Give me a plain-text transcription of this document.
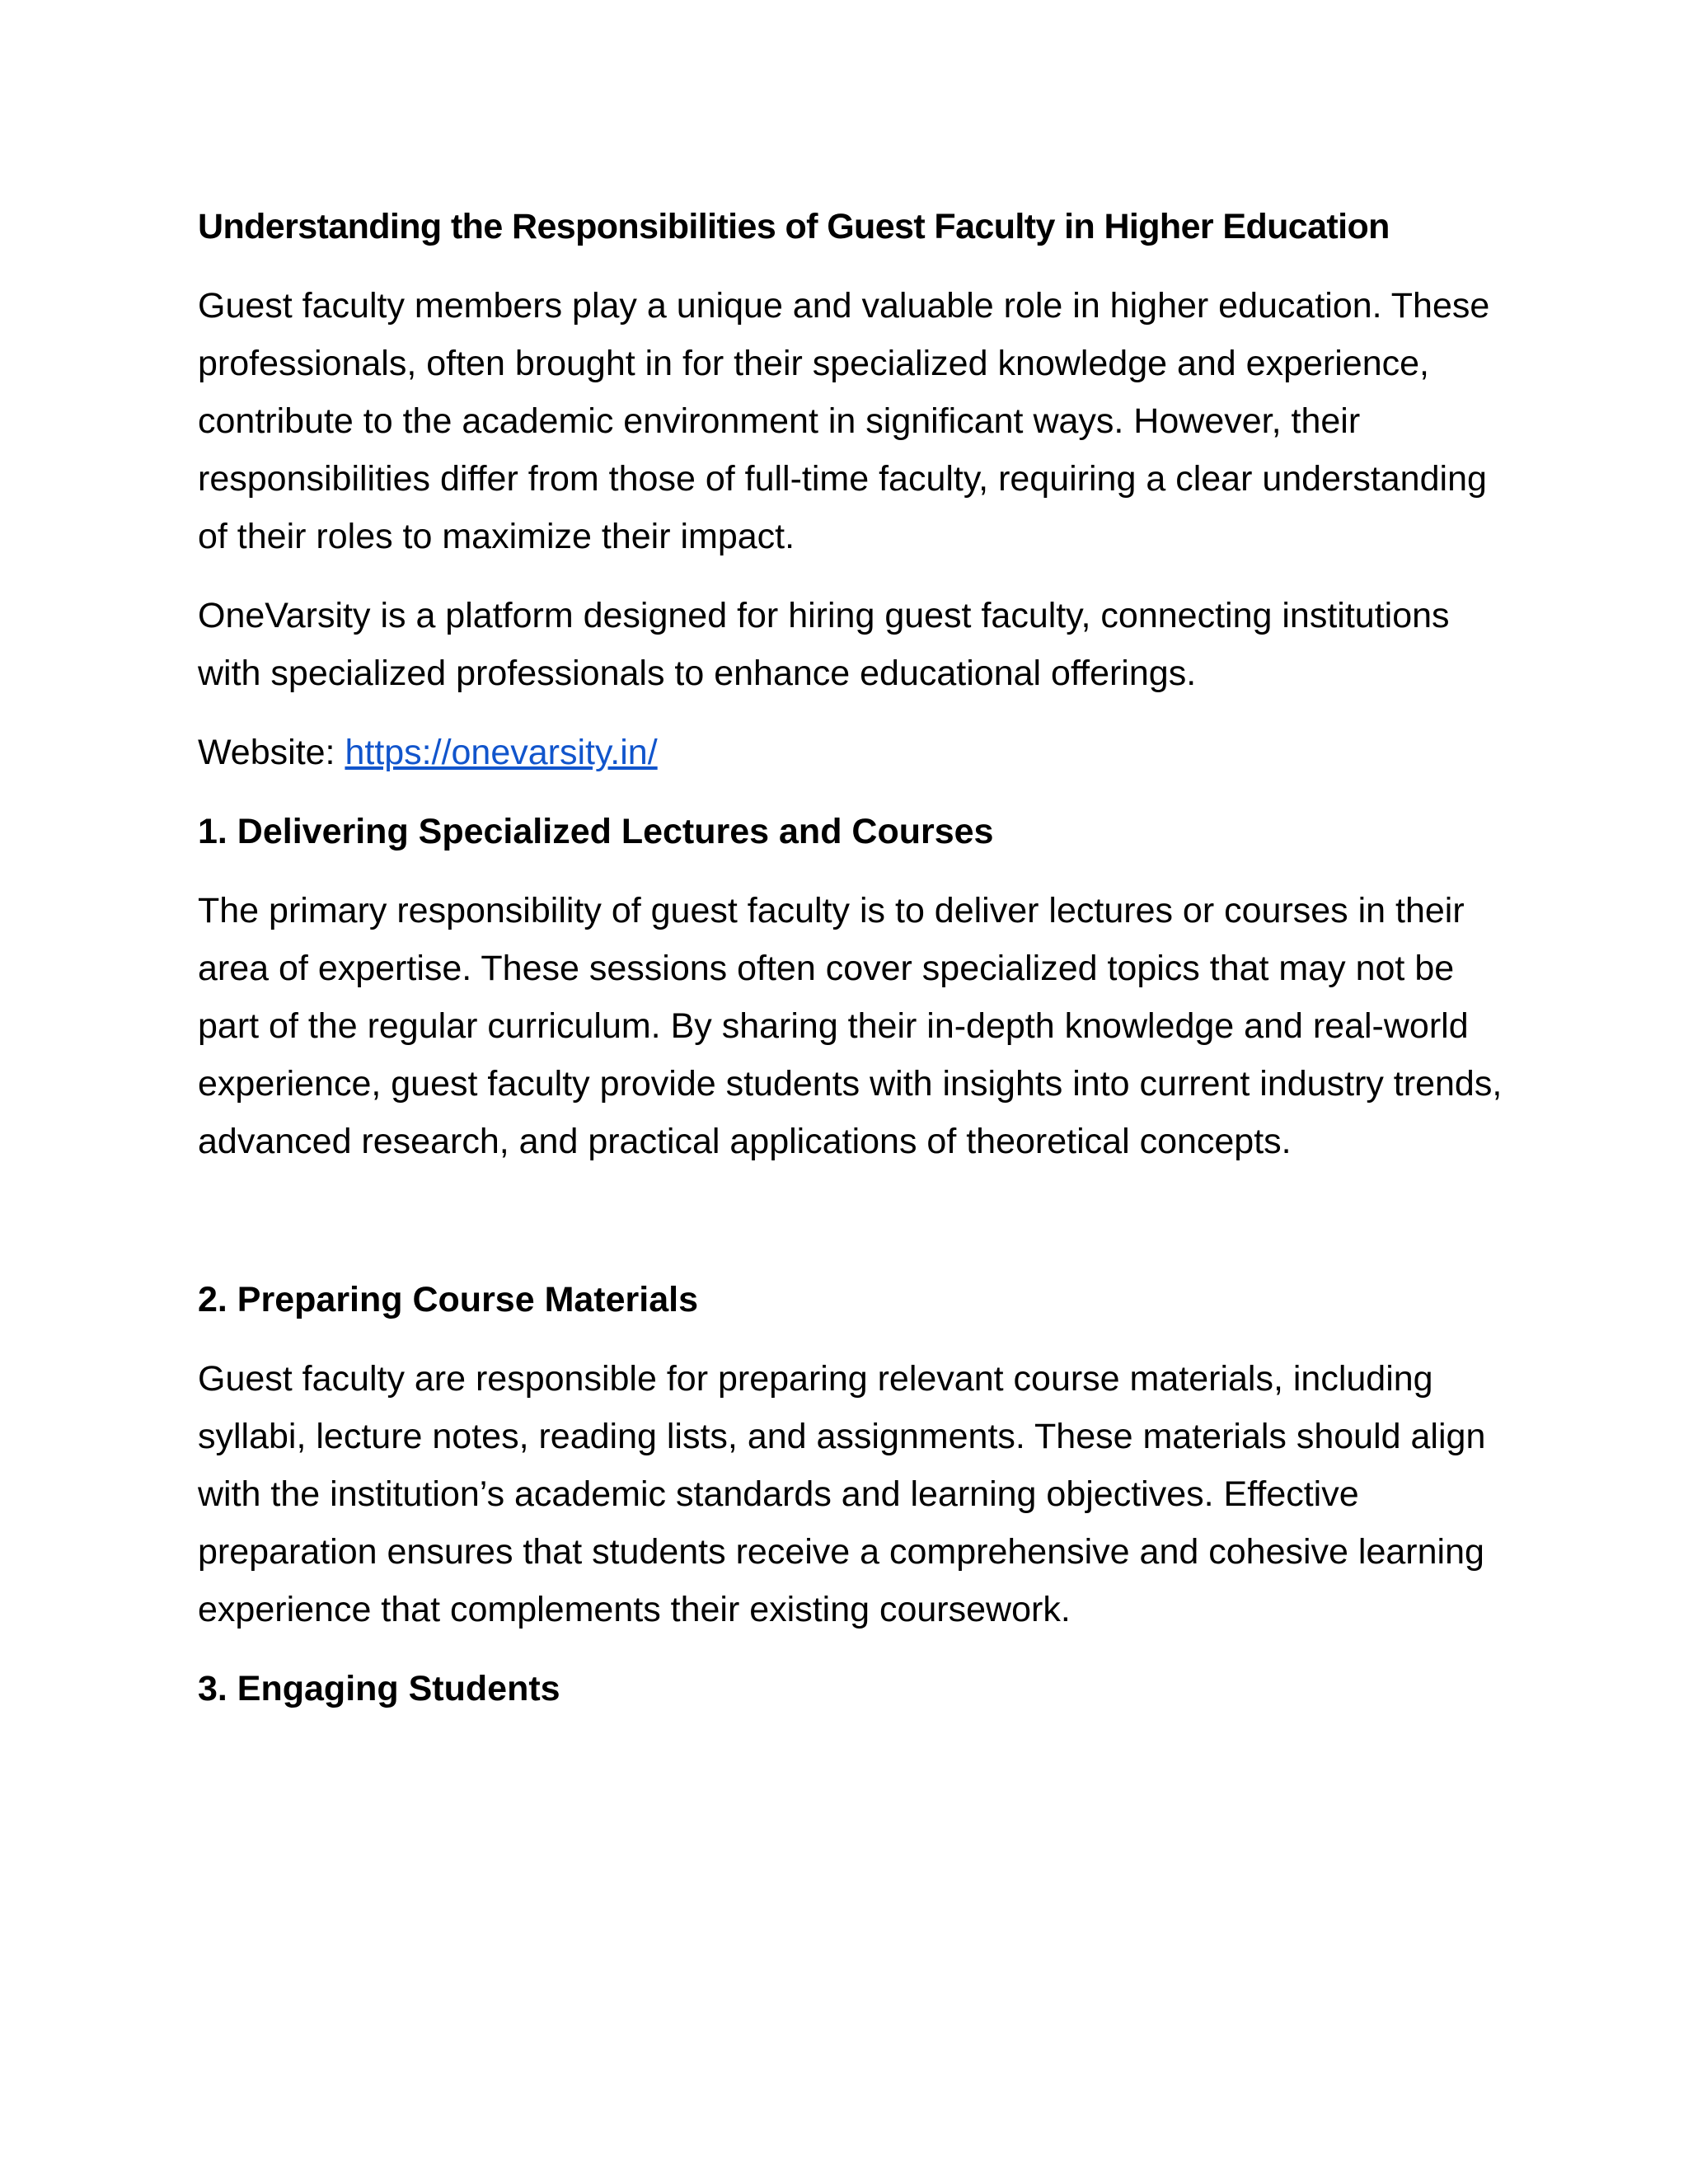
Understanding the Responsibilities of Guest Faculty in Higher Education

Guest faculty members play a unique and valuable role in higher education. These professionals, often brought in for their specialized knowledge and experience, contribute to the academic environment in significant ways. However, their responsibilities differ from those of full-time faculty, requiring a clear understanding of their roles to maximize their impact.

OneVarsity is a platform designed for hiring guest faculty, connecting institutions with specialized professionals to enhance educational offerings.

Website: https://onevarsity.in/

1. Delivering Specialized Lectures and Courses

The primary responsibility of guest faculty is to deliver lectures or courses in their area of expertise. These sessions often cover specialized topics that may not be part of the regular curriculum. By sharing their in-depth knowledge and real-world experience, guest faculty provide students with insights into current industry trends, advanced research, and practical applications of theoretical concepts.

2. Preparing Course Materials

Guest faculty are responsible for preparing relevant course materials, including syllabi, lecture notes, reading lists, and assignments. These materials should align with the institution’s academic standards and learning objectives. Effective preparation ensures that students receive a comprehensive and cohesive learning experience that complements their existing coursework.

3. Engaging Students
